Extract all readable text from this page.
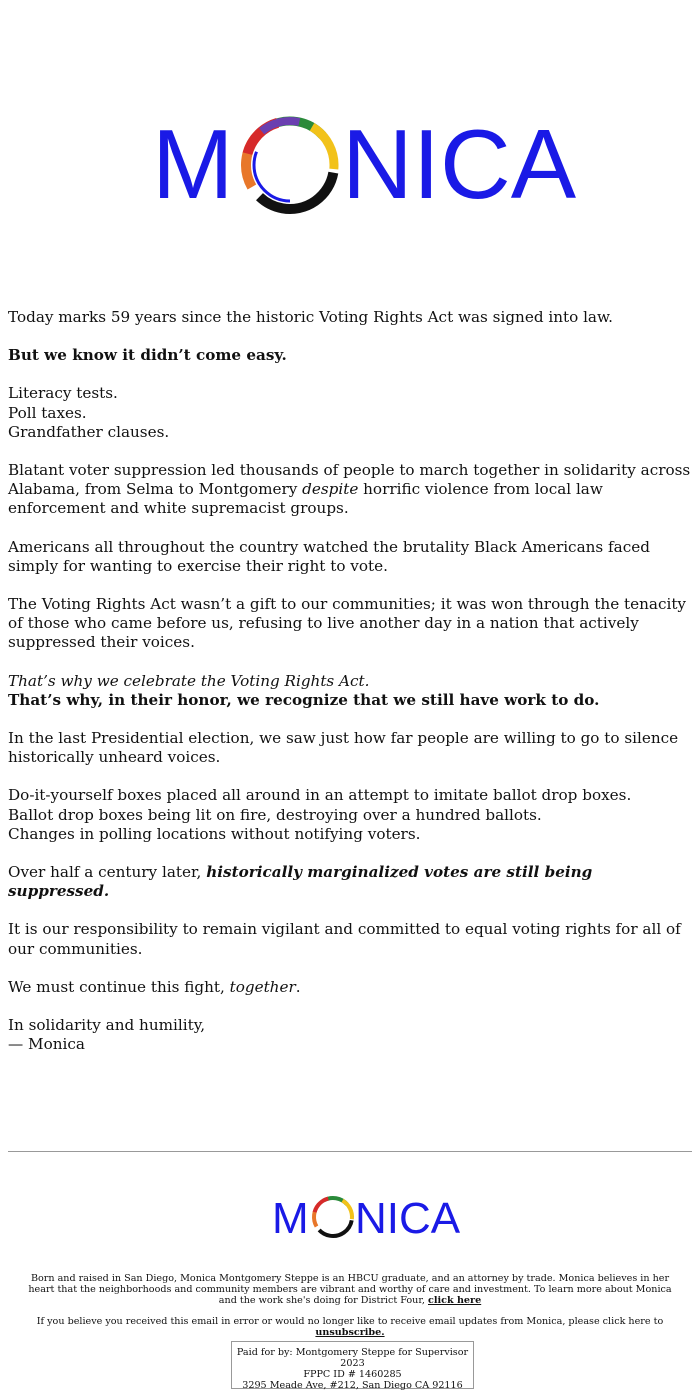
M NICA

Today marks 59 years since the historic Voting Rights Act was signed into law.

But we know it didn’t come easy.

Literacy tests.
Poll taxes.
Grandfather clauses.

Blatant voter suppression led thousands of people to march together in solidarity across Alabama, from Selma to Montgomery despite horrific violence from local law enforcement and white supremacist groups.

Americans all throughout the country watched the brutality Black Americans faced simply for wanting to exercise their right to vote.

The Voting Rights Act wasn’t a gift to our communities; it was won through the tenacity of those who came before us, refusing to live another day in a nation that actively suppressed their voices.

That’s why we celebrate the Voting Rights Act.
That’s why, in their honor, we recognize that we still have work to do.

In the last Presidential election, we saw just how far people are willing to go to silence historically unheard voices.

Do-it-yourself boxes placed all around in an attempt to imitate ballot drop boxes.
Ballot drop boxes being lit on fire, destroying over a hundred ballots.
Changes in polling locations without notifying voters.

Over half a century later, historically marginalized votes are still being suppressed.

It is our responsibility to remain vigilant and committed to equal voting rights for all of our communities.

We must continue this fight, together.

In solidarity and humility,
— Monica

M NICA
Born and raised in San Diego, Monica Montgomery Steppe is an HBCU graduate, and an attorney by trade. Monica believes in her heart that the neighborhoods and community members are vibrant and worthy of care and investment. To learn more about Monica and the work she's doing for District Four, click here
If you believe you received this email in error or would no longer like to receive email updates from Monica, please click here to unsubscribe.
Paid for by: Montgomery Steppe for Supervisor 2023
FPPC ID # 1460285
3295 Meade Ave, #212, San Diego CA 92116
